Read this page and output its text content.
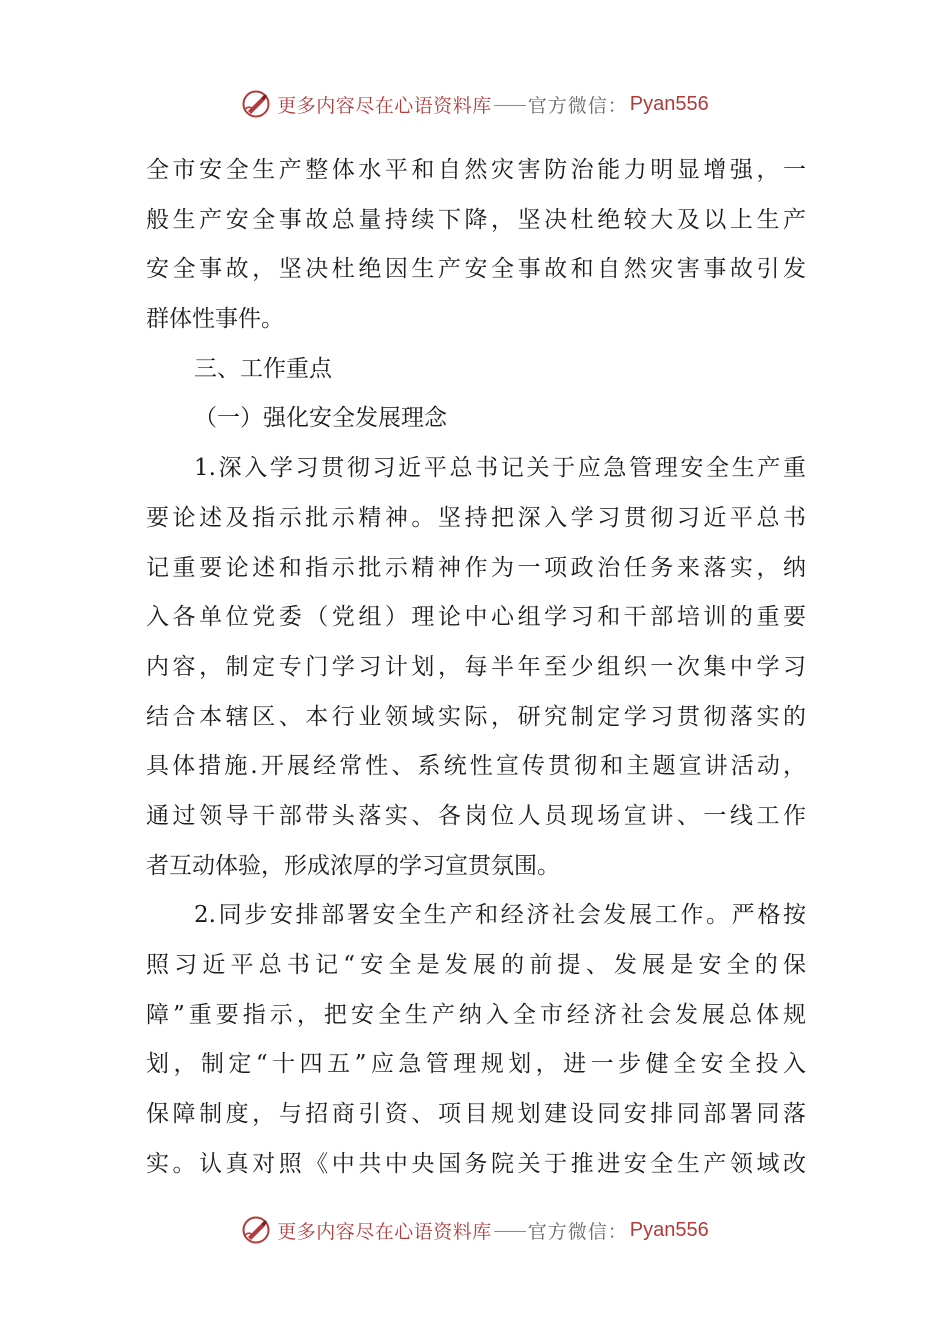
更多内容尽在心语资料库 官方微信： Pyan556
全市安全生产整体水平和自然灾害防治能力明显增强，一
般生产安全事故总量持续下降，坚决杜绝较大及以上生产
安全事故，坚决杜绝因生产安全事故和自然灾害事故引发
群体性事件。
三、工作重点
（一）强化安全发展理念
1.深入学习贯彻习近平总书记关于应急管理安全生产重
要论述及指示批示精神。坚持把深入学习贯彻习近平总书
记重要论述和指示批示精神作为一项政治任务来落实，纳
入各单位党委（党组）理论中心组学习和干部培训的重要
内容，制定专门学习计划，每半年至少组织一次集中学习
结合本辖区、本行业领域实际，研究制定学习贯彻落实的
具体措施.开展经常性、系统性宣传贯彻和主题宣讲活动，
通过领导干部带头落实、各岗位人员现场宣讲、一线工作
者互动体验，形成浓厚的学习宣贯氛围。
2.同步安排部署安全生产和经济社会发展工作。严格按
照习近平总书记“安全是发展的前提、发展是安全的保
障”重要指示，把安全生产纳入全市经济社会发展总体规
划，制定“十四五”应急管理规划，进一步健全安全投入
保障制度，与招商引资、项目规划建设同安排同部署同落
实。认真对照《中共中央国务院关于推进安全生产领域改
更多内容尽在心语资料库 官方微信： Pyan556
